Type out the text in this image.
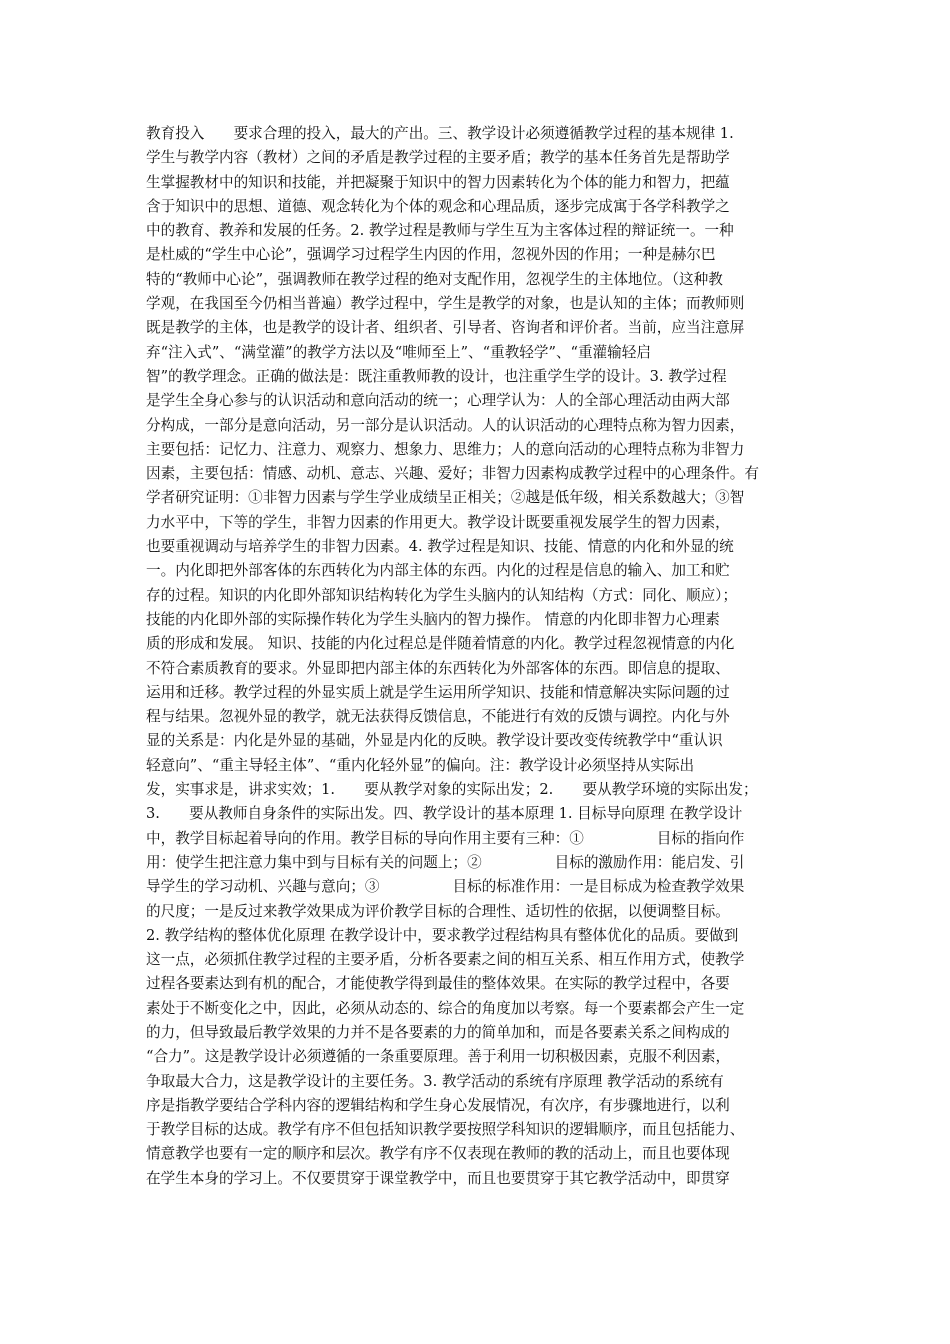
教育投入　　要求合理的投入，最大的产出。三、教学设计必须遵循教学过程的基本规律 1.
学生与教学内容（教材）之间的矛盾是教学过程的主要矛盾；教学的基本任务首先是帮助学
生掌握教材中的知识和技能，并把凝聚于知识中的智力因素转化为个体的能力和智力，把蕴
含于知识中的思想、道德、观念转化为个体的观念和心理品质，逐步完成寓于各学科教学之
中的教育、教养和发展的任务。2. 教学过程是教师与学生互为主客体过程的辩证统一。一种
是杜威的“学生中心论”，强调学习过程学生内因的作用，忽视外因的作用；一种是赫尔巴
特的“教师中心论”，强调教师在教学过程的绝对支配作用，忽视学生的主体地位。（这种教
学观，在我国至今仍相当普遍）教学过程中，学生是教学的对象，也是认知的主体；而教师则
既是教学的主体，也是教学的设计者、组织者、引导者、咨询者和评价者。当前，应当注意屏
弃“注入式”、“满堂灌”的教学方法以及“唯师至上”、“重教轻学”、“重灌输轻启
智”的教学理念。正确的做法是：既注重教师教的设计，也注重学生学的设计。3. 教学过程
是学生全身心参与的认识活动和意向活动的统一；心理学认为：人的全部心理活动由两大部
分构成，一部分是意向活动，另一部分是认识活动。人的认识活动的心理特点称为智力因素，
主要包括：记忆力、注意力、观察力、想象力、思维力；人的意向活动的心理特点称为非智力
因素，主要包括：情感、动机、意志、兴趣、爱好；非智力因素构成教学过程中的心理条件。有
学者研究证明：①非智力因素与学生学业成绩呈正相关；②越是低年级，相关系数越大；③智
力水平中，下等的学生，非智力因素的作用更大。教学设计既要重视发展学生的智力因素，
也要重视调动与培养学生的非智力因素。4. 教学过程是知识、技能、情意的内化和外显的统
一。内化即把外部客体的东西转化为内部主体的东西。内化的过程是信息的输入、加工和贮
存的过程。知识的内化即外部知识结构转化为学生头脑内的认知结构（方式：同化、顺应）；
技能的内化即外部的实际操作转化为学生头脑内的智力操作。 情意的内化即非智力心理素
质的形成和发展。 知识、技能的内化过程总是伴随着情意的内化。教学过程忽视情意的内化
不符合素质教育的要求。外显即把内部主体的东西转化为外部客体的东西。即信息的提取、
运用和迁移。教学过程的外显实质上就是学生运用所学知识、技能和情意解决实际问题的过
程与结果。忽视外显的教学，就无法获得反馈信息，不能进行有效的反馈与调控。内化与外
显的关系是：内化是外显的基础，外显是内化的反映。教学设计要改变传统教学中“重认识
轻意向”、“重主导轻主体”、“重内化轻外显”的偏向。注：教学设计必须坚持从实际出
发，实事求是，讲求实效；1.　　要从教学对象的实际出发；2.　　要从教学环境的实际出发；
3.　　要从教师自身条件的实际出发。四、教学设计的基本原理 1. 目标导向原理 在教学设计
中，教学目标起着导向的作用。教学目标的导向作用主要有三种：①　　　　　目标的指向作
用：使学生把注意力集中到与目标有关的问题上；②　　　　　目标的激励作用：能启发、引
导学生的学习动机、兴趣与意向；③　　　　　目标的标准作用：一是目标成为检查教学效果
的尺度；一是反过来教学效果成为评价教学目标的合理性、适切性的依据，以便调整目标。
2. 教学结构的整体优化原理 在教学设计中，要求教学过程结构具有整体优化的品质。要做到
这一点，必须抓住教学过程的主要矛盾，分析各要素之间的相互关系、相互作用方式，使教学
过程各要素达到有机的配合，才能使教学得到最佳的整体效果。在实际的教学过程中，各要
素处于不断变化之中，因此，必须从动态的、综合的角度加以考察。每一个要素都会产生一定
的力，但导致最后教学效果的力并不是各要素的力的简单加和，而是各要素关系之间构成的
“合力”。这是教学设计必须遵循的一条重要原理。善于利用一切积极因素，克服不利因素，
争取最大合力，这是教学设计的主要任务。3. 教学活动的系统有序原理 教学活动的系统有
序是指教学要结合学科内容的逻辑结构和学生身心发展情况，有次序，有步骤地进行，以利
于教学目标的达成。教学有序不但包括知识教学要按照学科知识的逻辑顺序，而且包括能力、
情意教学也要有一定的顺序和层次。教学有序不仅表现在教师的教的活动上，而且也要体现
在学生本身的学习上。不仅要贯穿于课堂教学中，而且也要贯穿于其它教学活动中，即贯穿
